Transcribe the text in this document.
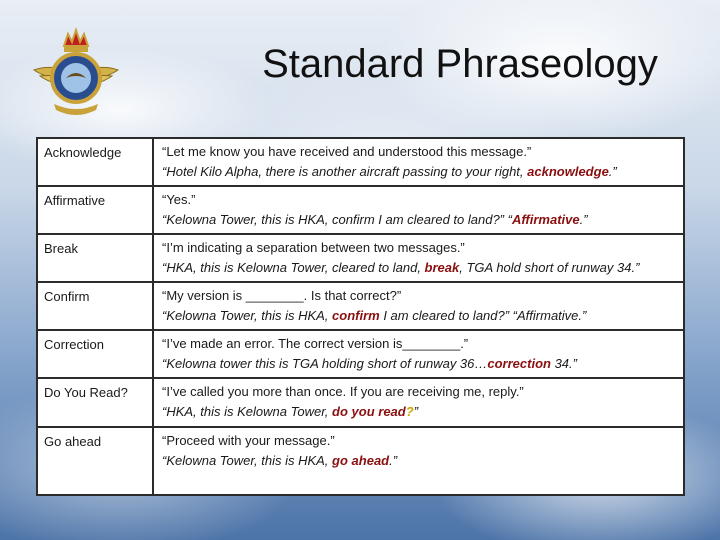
Standard Phraseology
Acknowledge	“Let me know you have received and understood this message.”
“Hotel Kilo Alpha, there is another aircraft passing to your right, acknowledge.”

Affirmative	“Yes.”
“Kelowna Tower, this is HKA, confirm I am cleared to land?” “Affirmative.”

Break	“I’m indicating a separation between two messages.”
“HKA, this is Kelowna Tower, cleared to land, break, TGA hold short of runway 34.”

Confirm	“My version is ________. Is that correct?”
“Kelowna Tower, this is HKA, confirm I am cleared to land?” “Affirmative.”

Correction	“I’ve made an error. The correct version is________.”
“Kelowna tower this is TGA holding short of runway 36…correction 34.”

Do You Read?	“I’ve called you more than once. If you are receiving me, reply.”
“HKA, this is Kelowna Tower, do you read?”

Go ahead	“Proceed with your message.”
“Kelowna Tower, this is HKA, go ahead.”
